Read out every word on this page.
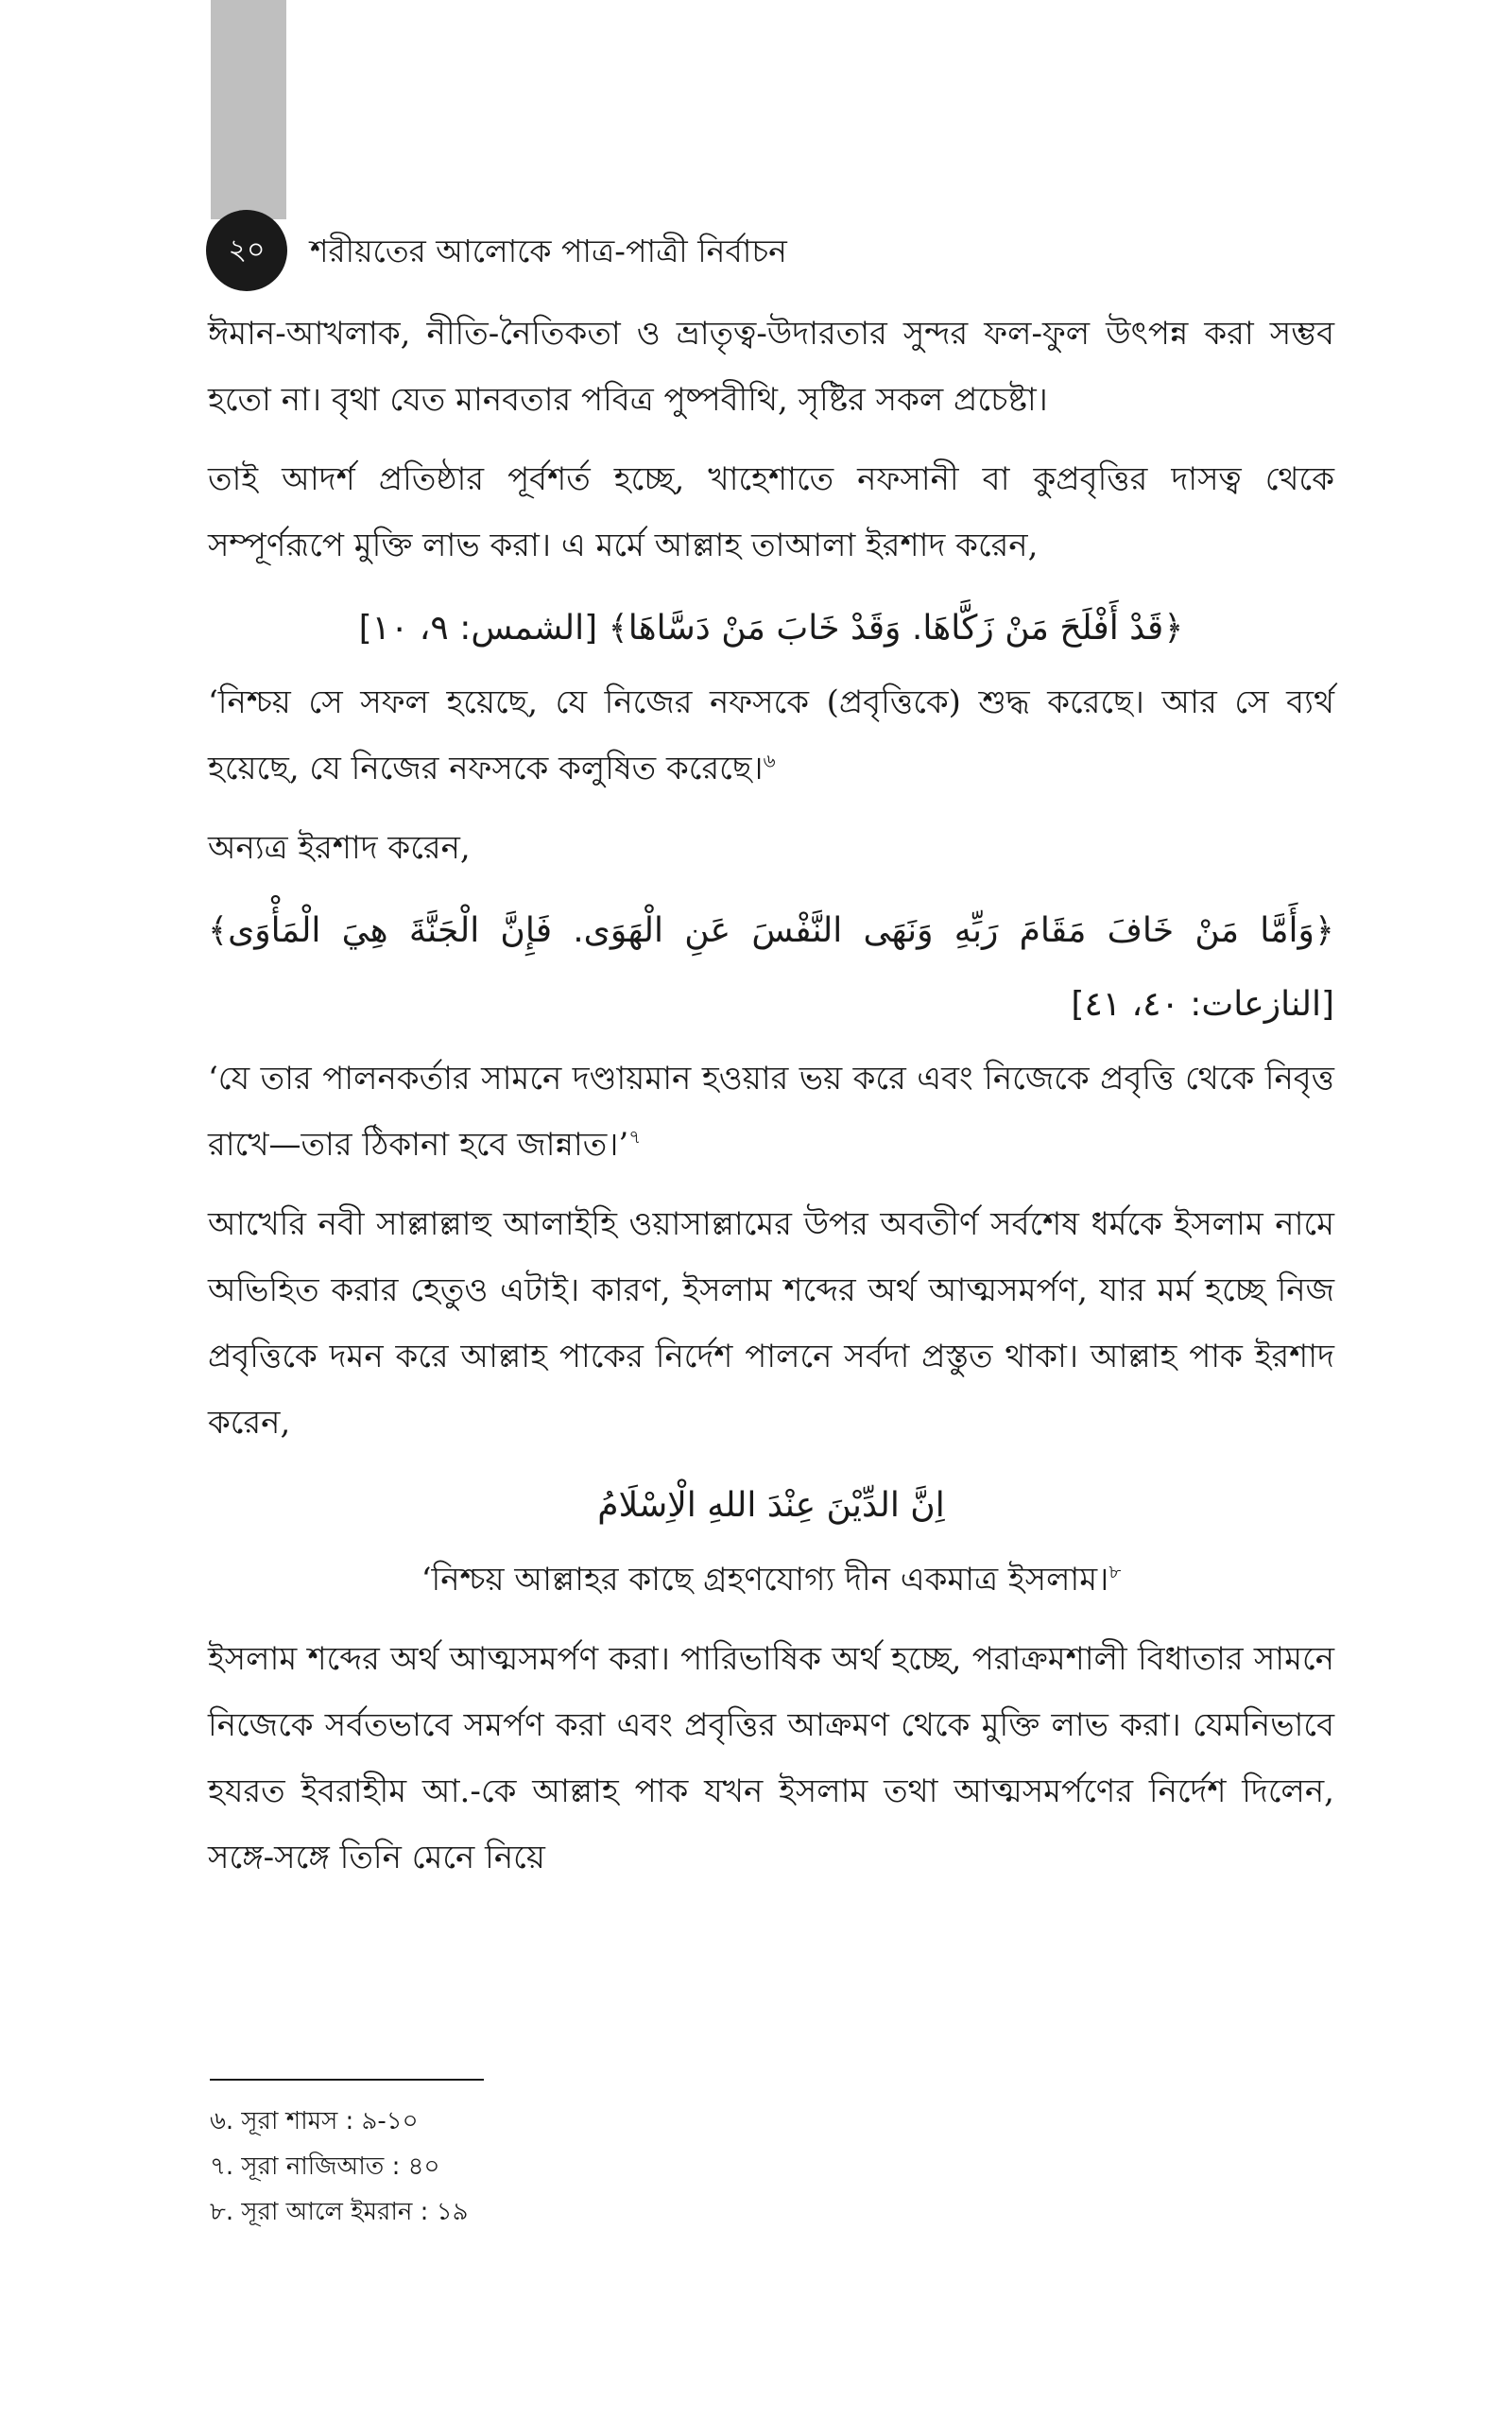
২০	শরীয়তের আলোকে পাত্র-পাত্রী নির্বাচন

ঈমান-আখলাক, নীতি-নৈতিকতা ও ভ্রাতৃত্ব-উদারতার সুন্দর ফল-ফুল উৎপন্ন করা সম্ভব হতো না। বৃথা যেত মানবতার পবিত্র পুষ্পবীথি, সৃষ্টির সকল প্রচেষ্টা।

তাই আদর্শ প্রতিষ্ঠার পূর্বশর্ত হচ্ছে, খাহেশাতে নফসানী বা কুপ্রবৃত্তির দাসত্ব থেকে সম্পূর্ণরূপে মুক্তি লাভ করা। এ মর্মে আল্লাহ তাআলা ইরশাদ করেন,

﴿قَدْ أَفْلَحَ مَنْ زَكَّاهَا. وَقَدْ خَابَ مَنْ دَسَّاهَا﴾ [الشمس: ٩، ١٠]

‘নিশ্চয় সে সফল হয়েছে, যে নিজের নফসকে (প্রবৃত্তিকে) শুদ্ধ করেছে। আর সে ব্যর্থ হয়েছে, যে নিজের নফসকে কলুষিত করেছে।$^৬$

অন্যত্র ইরশাদ করেন,

﴿وَأَمَّا مَنْ خَافَ مَقَامَ رَبِّهِ وَنَهَى النَّفْسَ عَنِ الْهَوَى. فَإِنَّ الْجَنَّةَ هِيَ الْمَأْوَى﴾ [النازعات: ٤٠، ٤١]

‘যে তার পালনকর্তার সামনে দণ্ডায়মান হওয়ার ভয় করে এবং নিজেকে প্রবৃত্তি থেকে নিবৃত্ত রাখে—তার ঠিকানা হবে জান্নাত।’$^৭$

আখেরি নবী সাল্লাল্লাহু আলাইহি ওয়াসাল্লামের উপর অবতীর্ণ সর্বশেষ ধর্মকে ইসলাম নামে অভিহিত করার হেতুও এটাই। কারণ, ইসলাম শব্দের অর্থ আত্মসমর্পণ, যার মর্ম হচ্ছে নিজ প্রবৃত্তিকে দমন করে আল্লাহ পাকের নির্দেশ পালনে সর্বদা প্রস্তুত থাকা। আল্লাহ পাক ইরশাদ করেন,

اِنَّ الدِّيْنَ عِنْدَ اللهِ الْاِسْلَامُ

‘নিশ্চয় আল্লাহর কাছে গ্রহণযোগ্য দীন একমাত্র ইসলাম।$^৮$

ইসলাম শব্দের অর্থ আত্মসমর্পণ করা। পারিভাষিক অর্থ হচ্ছে, পরাক্রমশালী বিধাতার সামনে নিজেকে সর্বতভাবে সমর্পণ করা এবং প্রবৃত্তির আক্রমণ থেকে মুক্তি লাভ করা। যেমনিভাবে হযরত ইবরাহীম আ.-কে আল্লাহ পাক যখন ইসলাম তথা আত্মসমর্পণের নির্দেশ দিলেন, সঙ্গে-সঙ্গে তিনি মেনে নিয়ে

৬. সূরা শামস : ৯-১০
৭. সূরা নাজিআত : ৪০
৮. সূরা আলে ইমরান : ১৯
